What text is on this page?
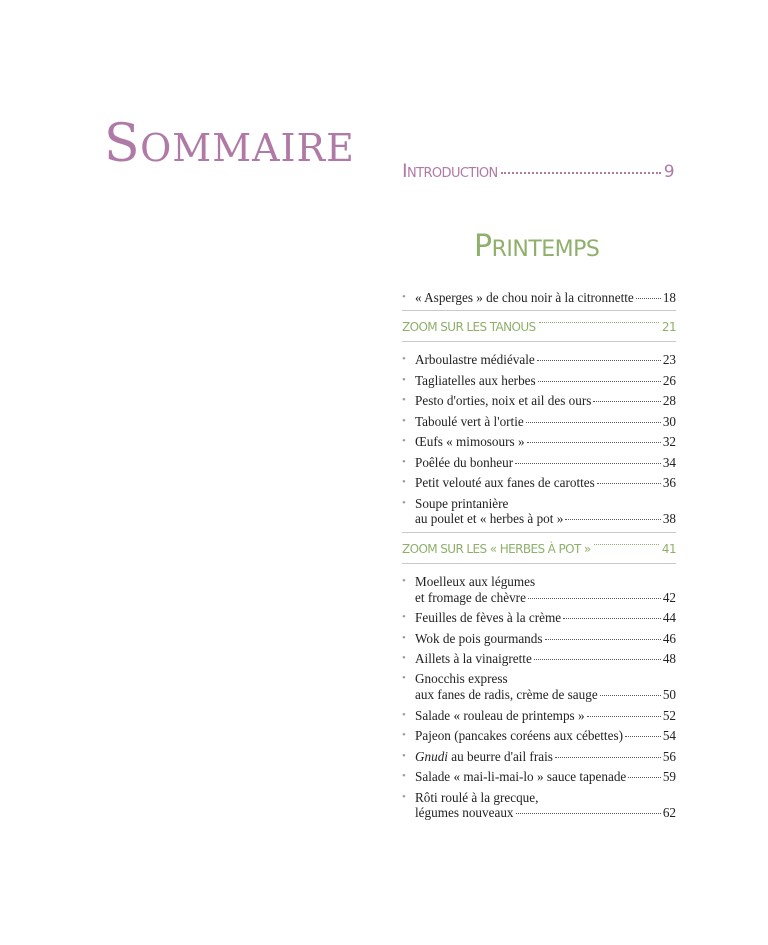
SOMMAIRE
INTRODUCTION	9
PRINTEMPS
• « Asperges » de chou noir à la citronnette 18
ZOOM SUR LES TANOUS	21
• Arboulastre médiévale	23
• Tagliatelles aux herbes	26
• Pesto d'orties, noix et ail des ours	28
• Taboulé vert à l'ortie	30
• Œufs « mimosours »	32
• Poêlée du bonheur	34
• Petit velouté aux fanes de carottes	36
• Soupe printanière
au poulet et « herbes à pot »	38
ZOOM SUR LES « HERBES À POT »	41
• Moelleux aux légumes
et fromage de chèvre	42
• Feuilles de fèves à la crème	44
• Wok de pois gourmands	46
• Aillets à la vinaigrette	48
• Gnocchis express
aux fanes de radis, crème de sauge	50
• Salade « rouleau de printemps »	52
• Pajeon (pancakes coréens aux cébettes)	54
• Gnudi au beurre d'ail frais	56
• Salade « mai-li-mai-lo » sauce tapenade	59
• Rôti roulé à la grecque,
légumes nouveaux	62
